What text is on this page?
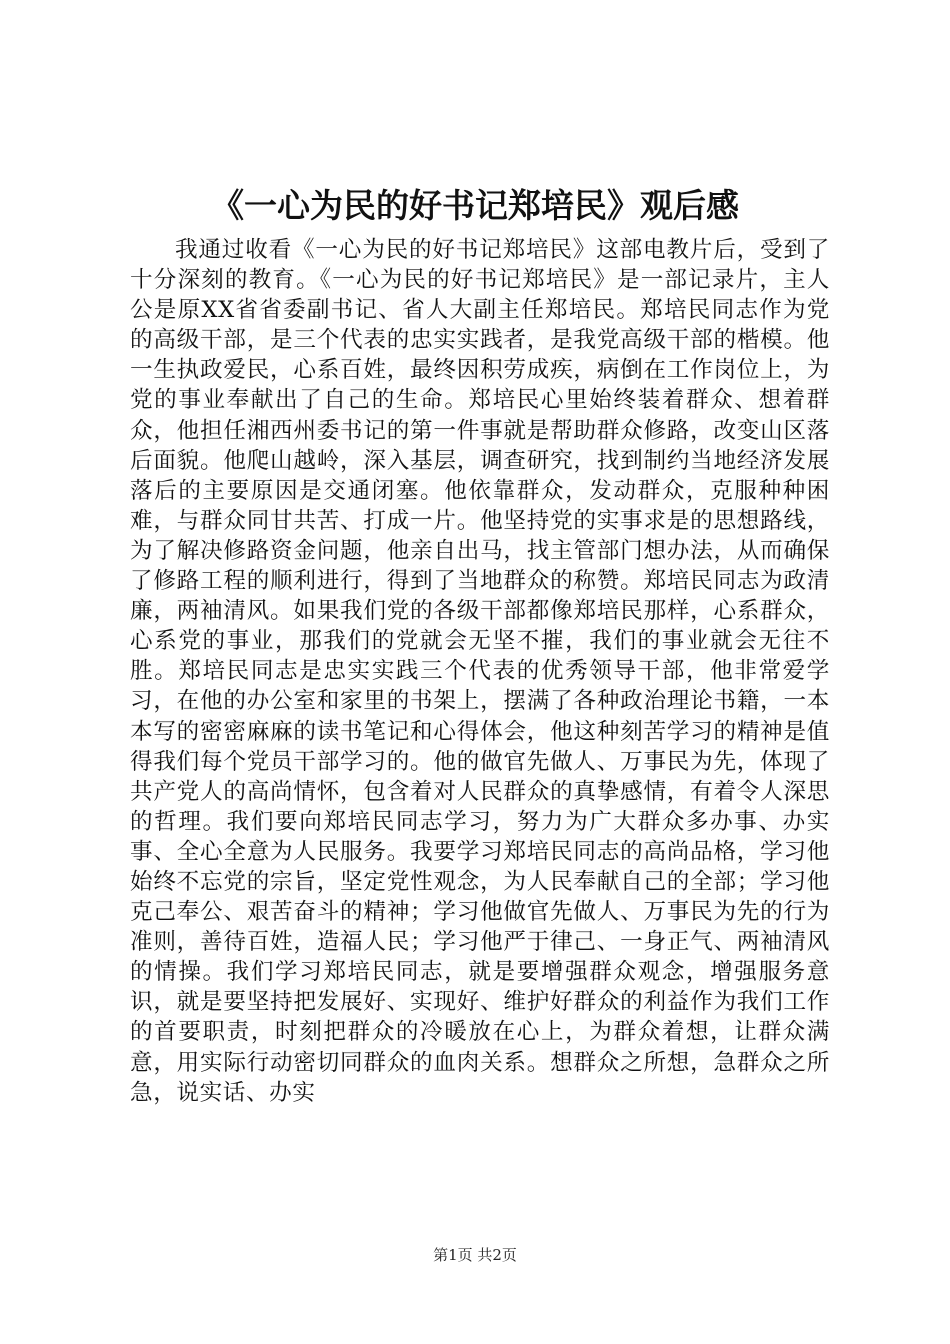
《一心为民的好书记郑培民》观后感

我通过收看《一心为民的好书记郑培民》这部电教片后，受到了十分深刻的教育。《一心为民的好书记郑培民》是一部记录片，主人公是原XX省省委副书记、省人大副主任郑培民。郑培民同志作为党的高级干部，是三个代表的忠实实践者，是我党高级干部的楷模。他一生执政爱民，心系百姓，最终因积劳成疾，病倒在工作岗位上，为党的事业奉献出了自己的生命。郑培民心里始终装着群众、想着群众，他担任湘西州委书记的第一件事就是帮助群众修路，改变山区落后面貌。他爬山越岭，深入基层，调查研究，找到制约当地经济发展落后的主要原因是交通闭塞。他依靠群众，发动群众，克服种种困难，与群众同甘共苦、打成一片。他坚持党的实事求是的思想路线，为了解决修路资金问题，他亲自出马，找主管部门想办法，从而确保了修路工程的顺利进行，得到了当地群众的称赞。郑培民同志为政清廉，两袖清风。如果我们党的各级干部都像郑培民那样，心系群众，心系党的事业，那我们的党就会无坚不摧，我们的事业就会无往不胜。郑培民同志是忠实实践三个代表的优秀领导干部，他非常爱学习，在他的办公室和家里的书架上，摆满了各种政治理论书籍，一本本写的密密麻麻的读书笔记和心得体会，他这种刻苦学习的精神是值得我们每个党员干部学习的。他的做官先做人、万事民为先，体现了共产党人的高尚情怀，包含着对人民群众的真挚感情，有着令人深思的哲理。我们要向郑培民同志学习，努力为广大群众多办事、办实事、全心全意为人民服务。我要学习郑培民同志的高尚品格，学习他始终不忘党的宗旨，坚定党性观念，为人民奉献自己的全部；学习他克己奉公、艰苦奋斗的精神；学习他做官先做人、万事民为先的行为准则，善待百姓，造福人民；学习他严于律己、一身正气、两袖清风的情操。我们学习郑培民同志，就是要增强群众观念，增强服务意识，就是要坚持把发展好、实现好、维护好群众的利益作为我们工作的首要职责，时刻把群众的冷暖放在心上，为群众着想，让群众满意，用实际行动密切同群众的血肉关系。想群众之所想，急群众之所急，说实话、办实

第1页 共2页
